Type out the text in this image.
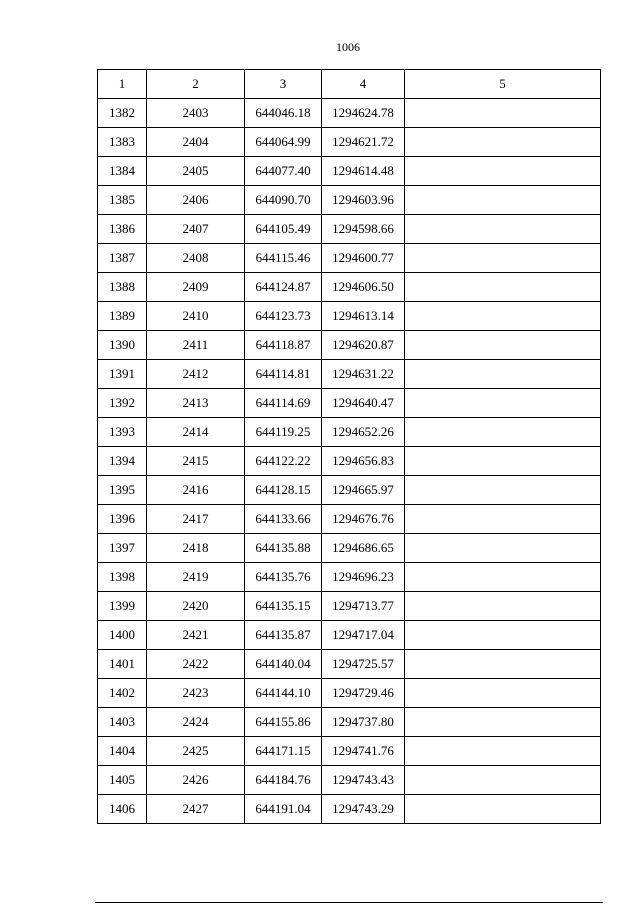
1006
1	2	3	4	5
1382	2403	644046.18	1294624.78	
1383	2404	644064.99	1294621.72	
1384	2405	644077.40	1294614.48	
1385	2406	644090.70	1294603.96	
1386	2407	644105.49	1294598.66	
1387	2408	644115.46	1294600.77	
1388	2409	644124.87	1294606.50	
1389	2410	644123.73	1294613.14	
1390	2411	644118.87	1294620.87	
1391	2412	644114.81	1294631.22	
1392	2413	644114.69	1294640.47	
1393	2414	644119.25	1294652.26	
1394	2415	644122.22	1294656.83	
1395	2416	644128.15	1294665.97	
1396	2417	644133.66	1294676.76	
1397	2418	644135.88	1294686.65	
1398	2419	644135.76	1294696.23	
1399	2420	644135.15	1294713.77	
1400	2421	644135.87	1294717.04	
1401	2422	644140.04	1294725.57	
1402	2423	644144.10	1294729.46	
1403	2424	644155.86	1294737.80	
1404	2425	644171.15	1294741.76	
1405	2426	644184.76	1294743.43	
1406	2427	644191.04	1294743.29	
